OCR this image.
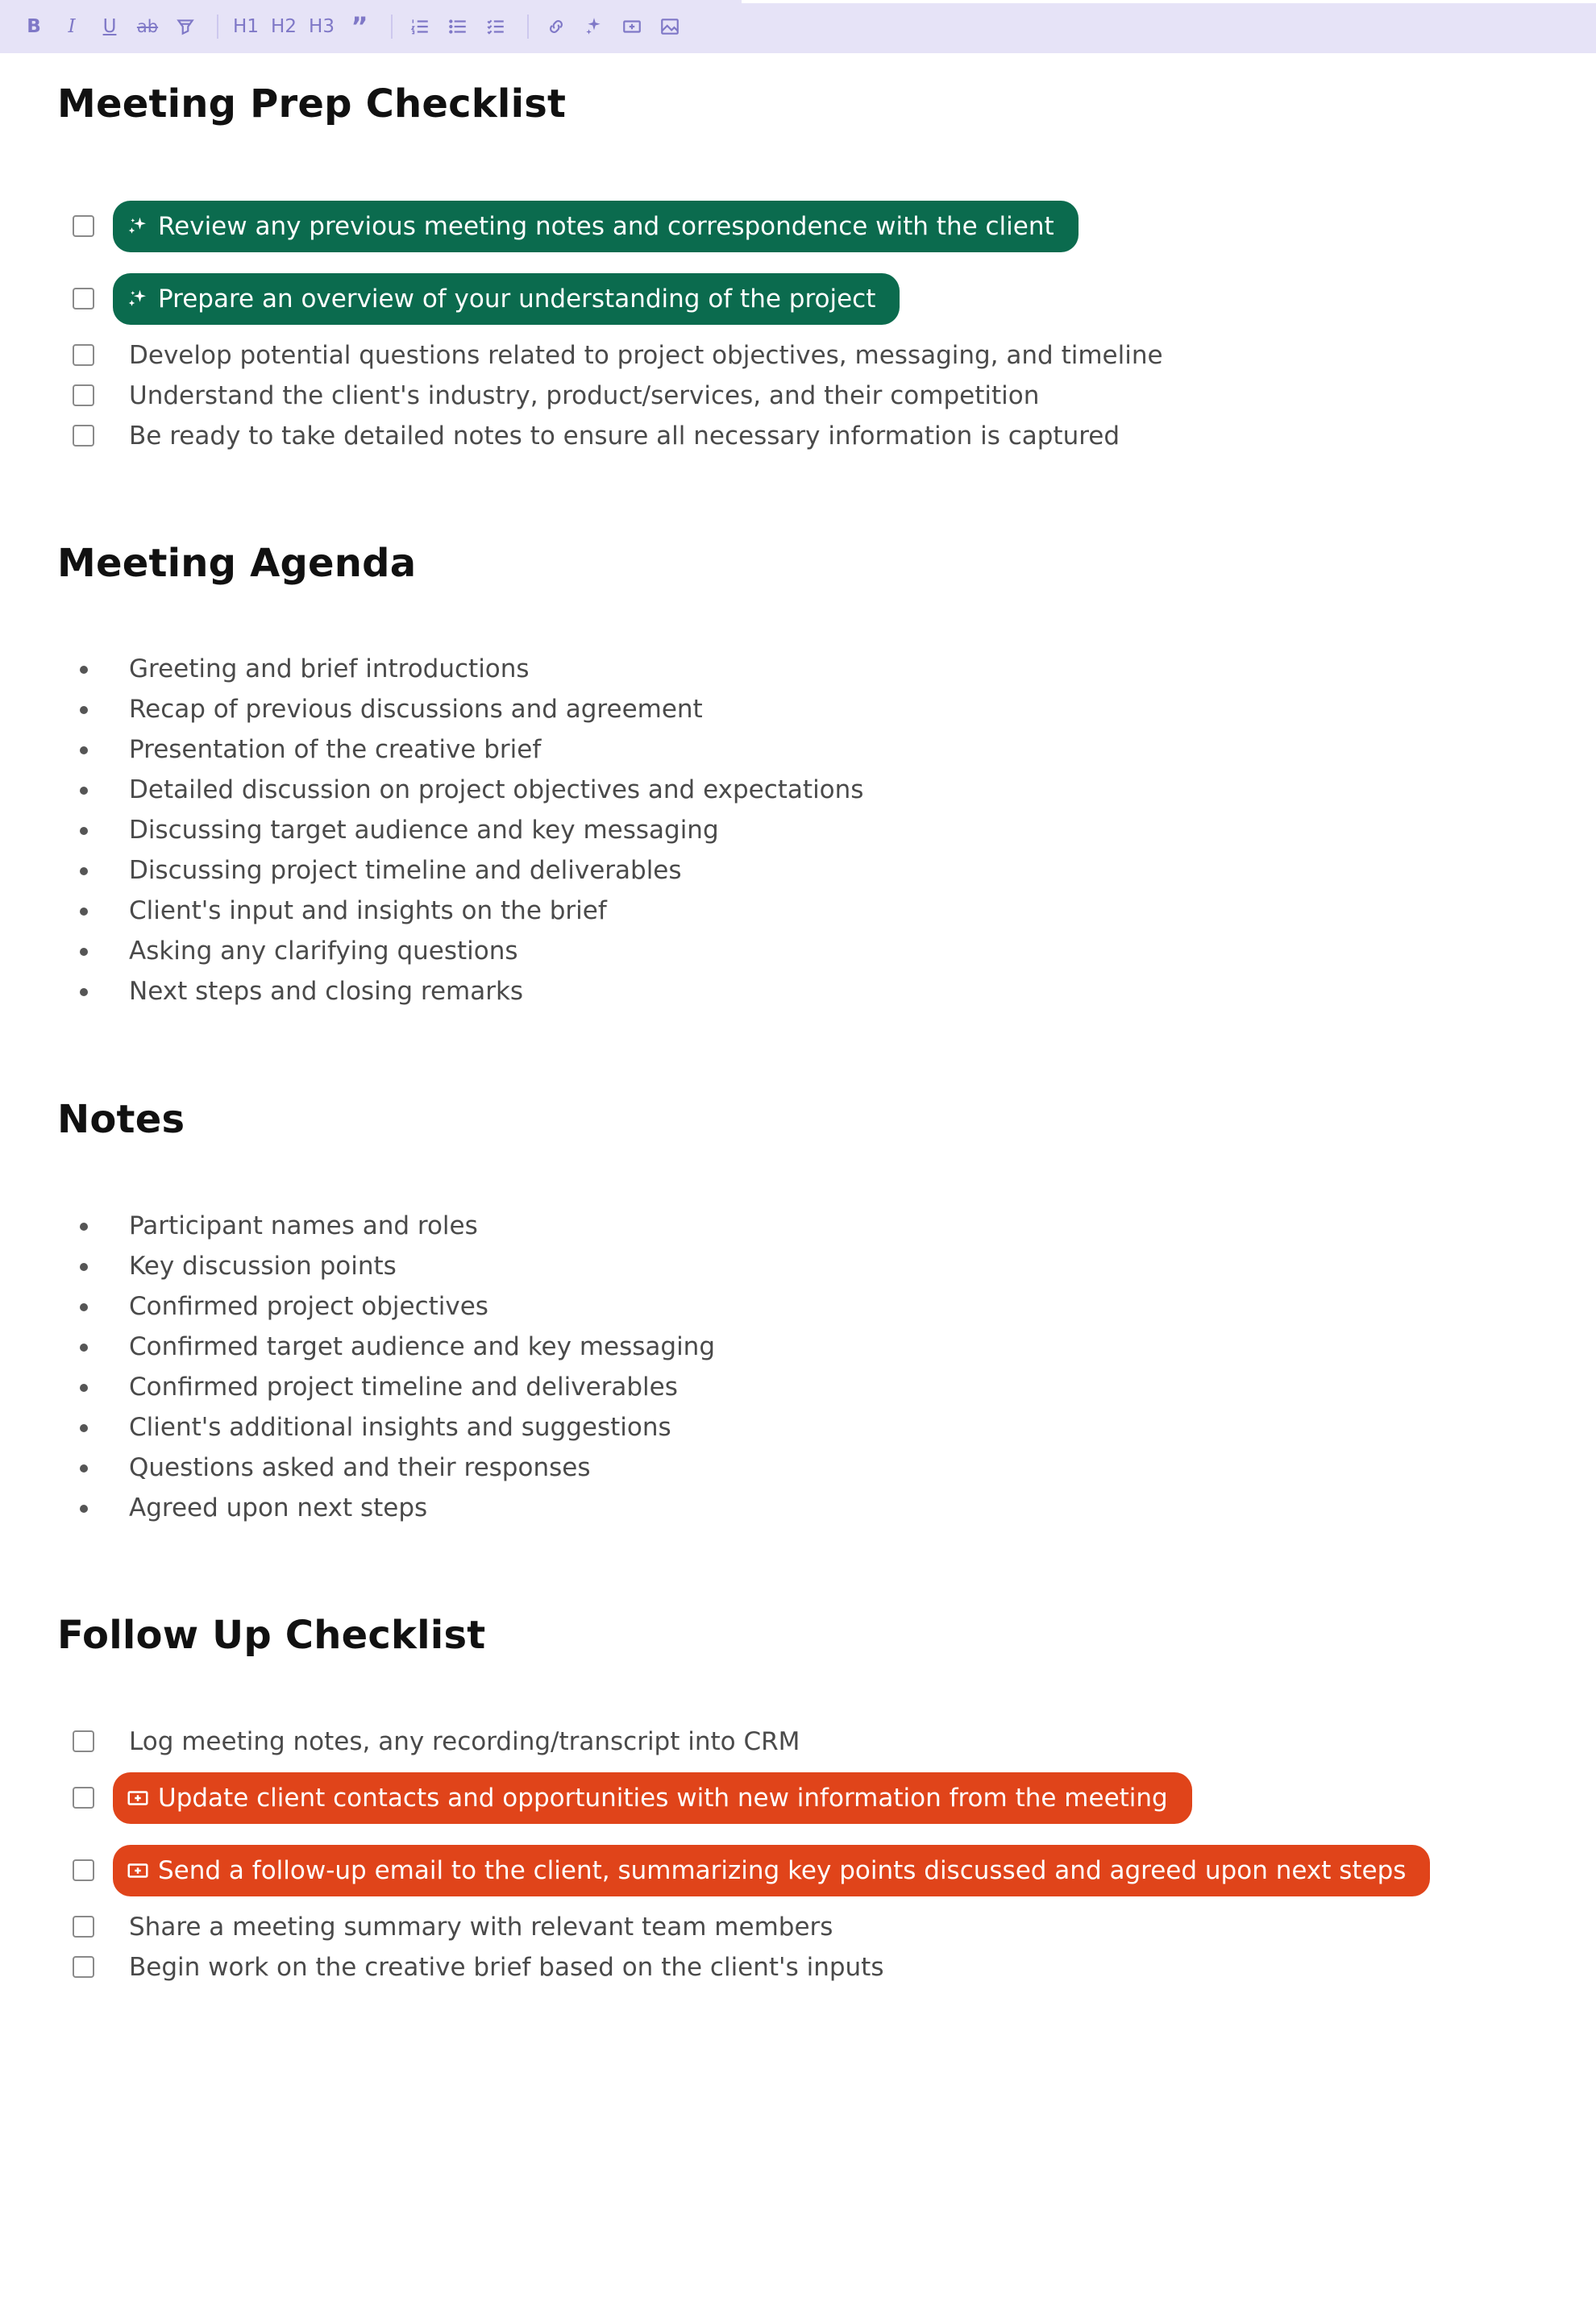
B I U ab	H1 H2 H3 ”
Meeting Prep Checklist
Review any previous meeting notes and correspondence with the client
Prepare an overview of your understanding of the project
Develop potential questions related to project objectives, messaging, and timeline
Understand the client's industry, product/services, and their competition
Be ready to take detailed notes to ensure all necessary information is captured
Meeting Agenda
Greeting and brief introductions
Recap of previous discussions and agreement
Presentation of the creative brief
Detailed discussion on project objectives and expectations
Discussing target audience and key messaging
Discussing project timeline and deliverables
Client's input and insights on the brief
Asking any clarifying questions
Next steps and closing remarks
Notes
Participant names and roles
Key discussion points
Confirmed project objectives
Confirmed target audience and key messaging
Confirmed project timeline and deliverables
Client's additional insights and suggestions
Questions asked and their responses
Agreed upon next steps
Follow Up Checklist
Log meeting notes, any recording/transcript into CRM
Update client contacts and opportunities with new information from the meeting
Send a follow-up email to the client, summarizing key points discussed and agreed upon next steps
Share a meeting summary with relevant team members
Begin work on the creative brief based on the client's inputs
